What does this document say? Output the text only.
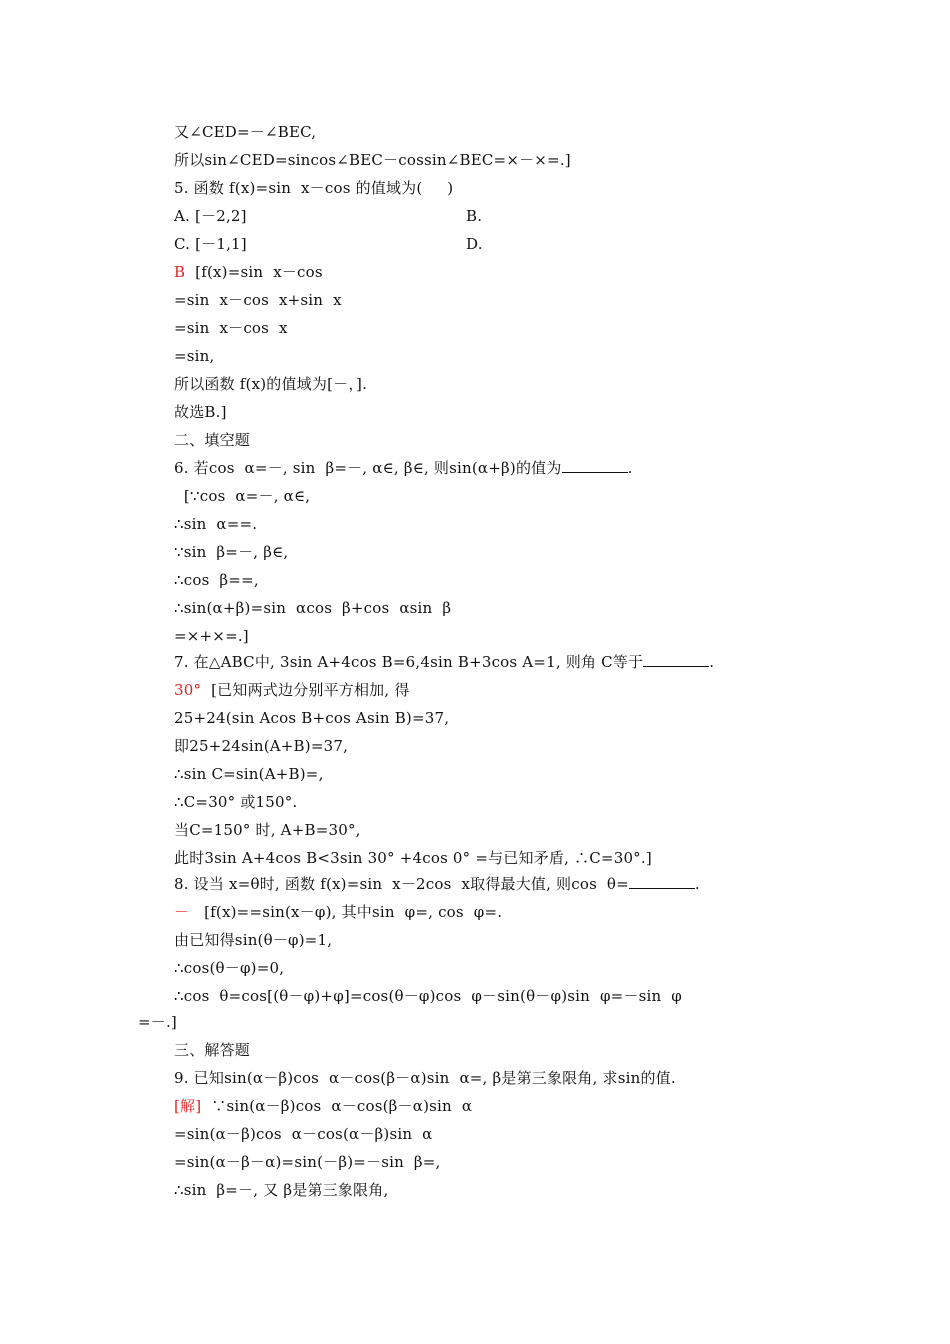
又∠CED=－∠BEC,
所以sin∠CED=sincos∠BEC－cossin∠BEC=×－×=.]
5. 函数 f(x)=sin  x－cos 的值域为(     )
A. [－2,2]	B.
C. [－1,1]	D.
B  [f(x)=sin  x－cos
=sin  x－cos  x+sin  x
=sin  x－cos  x
=sin,
所以函数 f(x)的值域为[－，].
故选B.]
二、填空题
6. 若cos  α=－, sin  β=－, α∈, β∈, 则sin(α+β)的值为	.
[∵cos  α=－, α∈,
∴sin  α==.
∵sin  β=－, β∈,
∴cos  β==,
∴sin(α+β)=sin  αcos  β+cos  αsin  β
=×+×=.]
7. 在△ABC中, 3sin A+4cos B=6,4sin B+3cos A=1, 则角 C等于	.
30°  [已知两式边分别平方相加, 得
25+24(sin Acos B+cos Asin B)=37,
即25+24sin(A+B)=37,
∴sin C=sin(A+B)=,
∴C=30° 或150°.
当C=150° 时, A+B=30°,
此时3sin A+4cos B<3sin 30° +4cos 0° =与已知矛盾, ∴C=30°.]
8. 设当 x=θ时, 函数 f(x)=sin  x－2cos  x取得最大值, 则cos  θ=	.
－   [f(x)==sin(x－φ), 其中sin  φ=, cos  φ=.
由已知得sin(θ－φ)=1,
∴cos(θ－φ)=0,
∴cos  θ=cos[(θ－φ)+φ]=cos(θ－φ)cos  φ－sin(θ－φ)sin  φ=－sin  φ
=－.]
三、解答题
9. 已知sin(α－β)cos  α－cos(β－α)sin  α=, β是第三象限角, 求sin的值.
[解]  ∵sin(α－β)cos  α－cos(β－α)sin  α
=sin(α－β)cos  α－cos(α－β)sin  α
=sin(α－β－α)=sin(－β)=－sin  β=,
∴sin  β=－, 又 β是第三象限角,
